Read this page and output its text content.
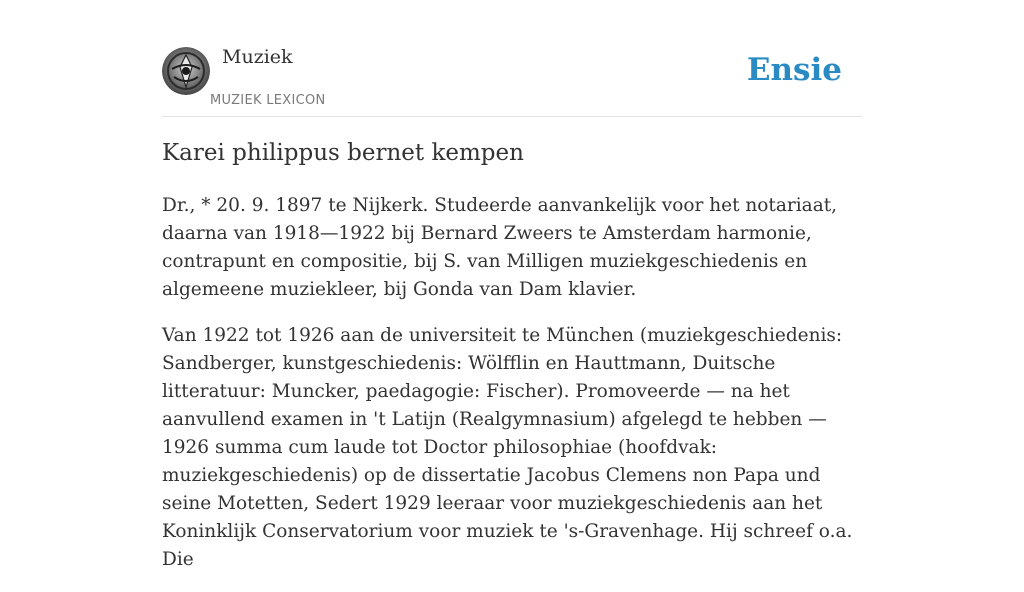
Muziek
MUZIEK LEXICON
Ensie
Karei philippus bernet kempen

Dr., * 20. 9. 1897 te Nijkerk. Studeerde aanvankelijk voor het notariaat, daarna van 1918—1922 bij Bernard Zweers te Amsterdam harmonie, contrapunt en compositie, bij S. van Milligen muziekgeschiedenis en algemeene muziekleer, bij Gonda van Dam klavier.

Van 1922 tot 1926 aan de universiteit te München (muziekgeschiedenis: Sandberger, kunstgeschiedenis: Wölfflin en Hauttmann, Duitsche litteratuur: Muncker, paedagogie: Fischer). Promoveerde — na het aanvullend examen in 't Latijn (Realgymnasium) afgelegd te hebben — 1926 summa cum laude tot Doctor philosophiae (hoofdvak: muziekgeschiedenis) op de dissertatie Jacobus Clemens non Papa und seine Motetten, Sedert 1929 leeraar voor muziekgeschiedenis aan het Koninklijk Conservatorium voor muziek te 's-Gravenhage. Hij schreef o.a. Die
